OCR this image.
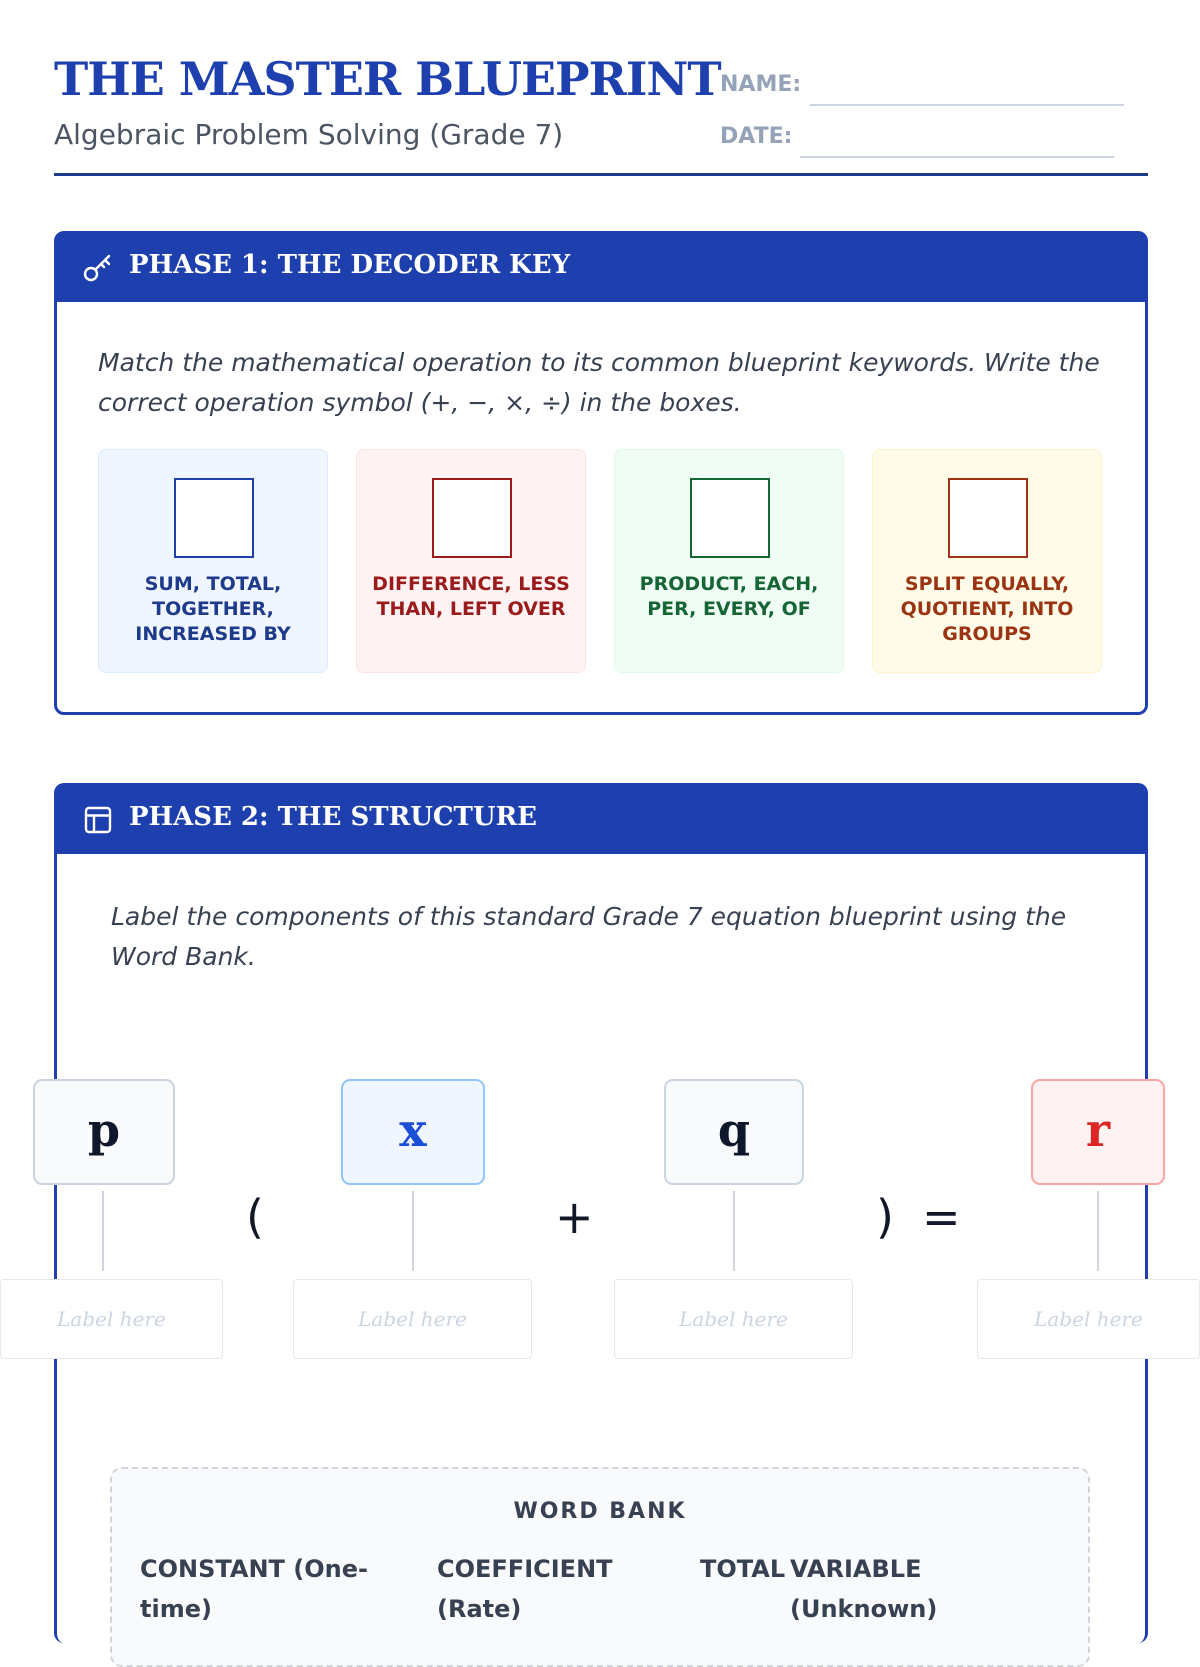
THE MASTER BLUEPRINT
Algebraic Problem Solving (Grade 7)
NAME:
DATE:
PHASE 1: THE DECODER KEY
Match the mathematical operation to its common blueprint keywords. Write the correct operation symbol (+, −, ×, ÷) in the boxes.
SUM, TOTAL, TOGETHER, INCREASED BY
DIFFERENCE, LESS THAN, LEFT OVER
PRODUCT, EACH, PER, EVERY, OF
SPLIT EQUALLY, QUOTIENT, INTO GROUPS
PHASE 2: THE STRUCTURE
Label the components of this standard Grade 7 equation blueprint using the Word Bank.
p	x	q	r
(	+	) =
Label here	Label here	Label here	Label here
WORD BANK
CONSTANT (One-time)
COEFFICIENT (Rate)
TOTAL VARIABLE (Unknown)
